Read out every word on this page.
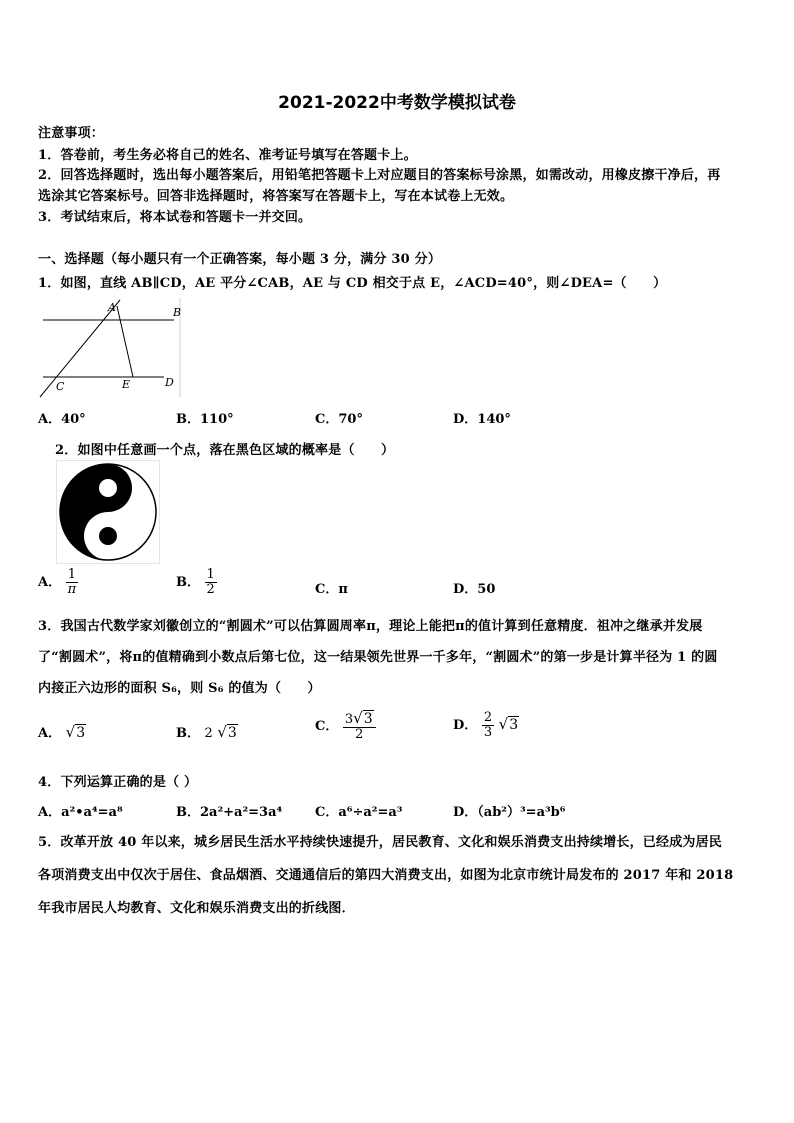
2021-2022中考数学模拟试卷
注意事项：
1．答卷前，考生务必将自己的姓名、准考证号填写在答题卡上。
2．回答选择题时，选出每小题答案后，用铅笔把答题卡上对应题目的答案标号涂黑，如需改动，用橡皮擦干净后，再
选涂其它答案标号。回答非选择题时，将答案写在答题卡上，写在本试卷上无效。
3．考试结束后，将本试卷和答题卡一并交回。
一、选择题（每小题只有一个正确答案，每小题 3 分，满分 30 分）
1．如图，直线 AB∥CD，AE 平分∠CAB，AE 与 CD 相交于点 E，∠ACD=40°，则∠DEA=（　　）
A	B
C	E	D
A．40°	B．110°	C．70°	D．140°
2．如图中任意画一个点，落在黑色区域的概率是（　　）
A． $\frac{1}{\pi}$	B． $\frac{1}{2}$	C．π	D．50
3．我国古代数学家刘徽创立的“割圆术”可以估算圆周率π，理论上能把π的值计算到任意精度．祖冲之继承并发展
了“割圆术”，将π的值精确到小数点后第七位，这一结果领先世界一千多年，“割圆术”的第一步是计算半径为 1 的圆
内接正六边形的面积 S₆，则 S₆ 的值为（　　）
A． √3	B． 2 √3	C． $\frac{3√3}{2}$	D． $\frac{2}{3} √3$
4．下列运算正确的是（ ）
A．a²•a⁴=a⁸	B．2a²+a²=3a⁴	C．a⁶÷a²=a³	D．（ab²）³=a³b⁶
5．改革开放 40 年以来，城乡居民生活水平持续快速提升，居民教育、文化和娱乐消费支出持续增长，已经成为居民
各项消费支出中仅次于居住、食品烟酒、交通通信后的第四大消费支出，如图为北京市统计局发布的 2017 年和 2018
年我市居民人均教育、文化和娱乐消费支出的折线图．
